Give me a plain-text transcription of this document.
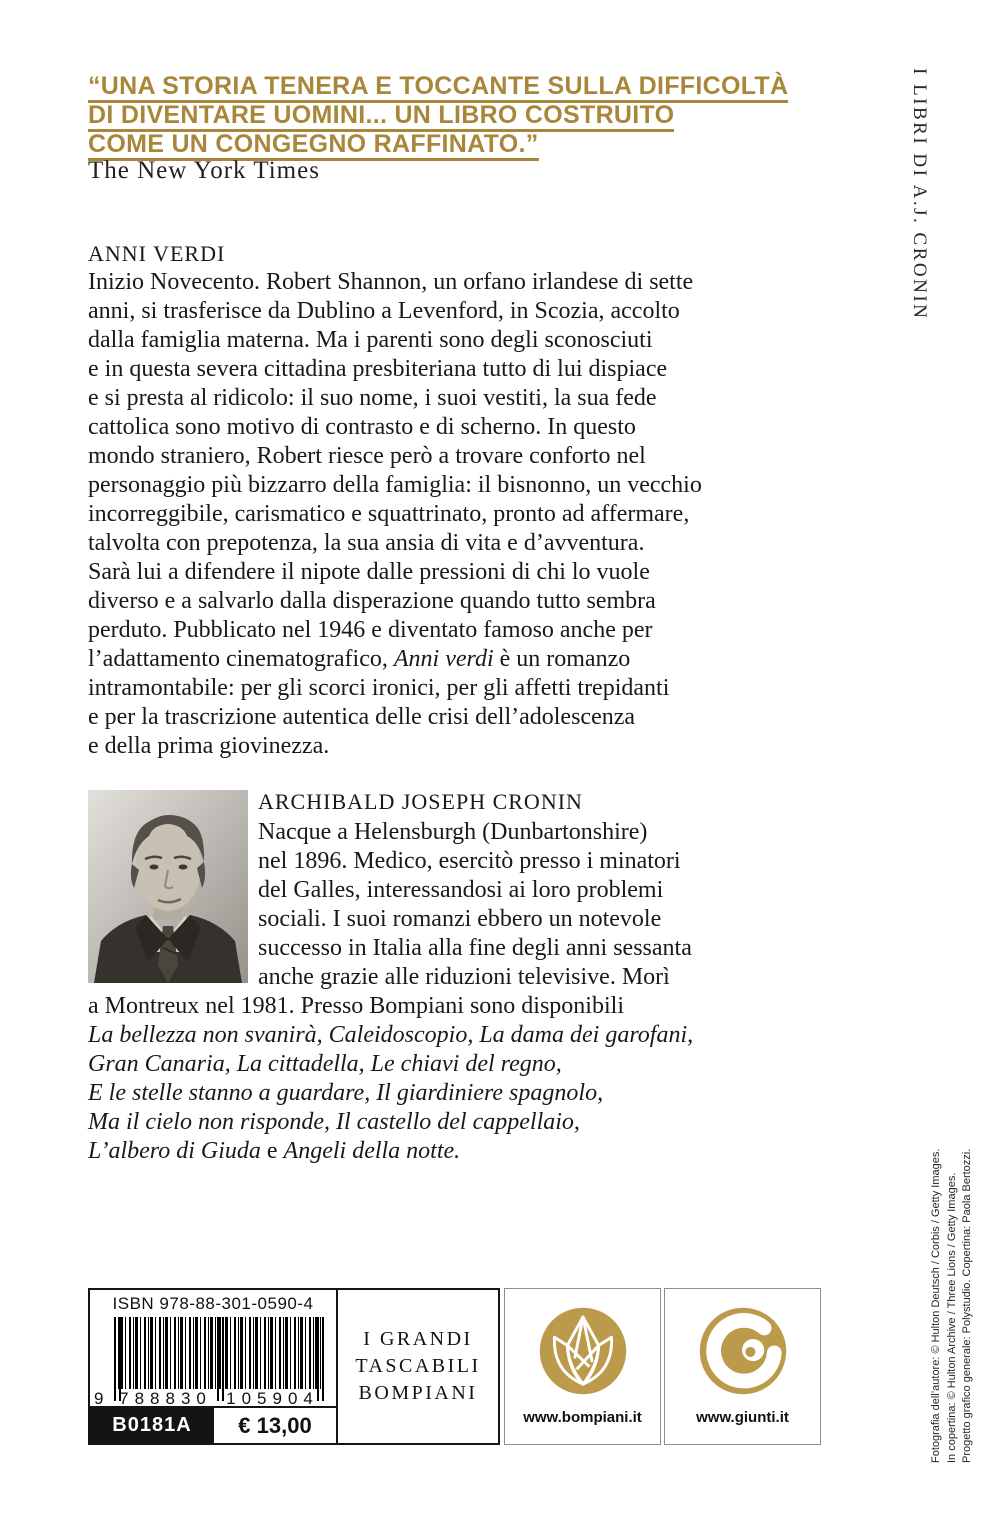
“UNA STORIA TENERA E TOCCANTE SULLA DIFFICOLTÀ
DI DIVENTARE UOMINI... UN LIBRO COSTRUITO
COME UN CONGEGNO RAFFINATO.”
The New York Times	I LIBRI DI A.J. CRONIN
ANNI VERDI
Inizio Novecento. Robert Shannon, un orfano irlandese di sette
anni, si trasferisce da Dublino a Levenford, in Scozia, accolto
dalla famiglia materna. Ma i parenti sono degli sconosciuti
e in questa severa cittadina presbiteriana tutto di lui dispiace
e si presta al ridicolo: il suo nome, i suoi vestiti, la sua fede
cattolica sono motivo di contrasto e di scherno. In questo
mondo straniero, Robert riesce però a trovare conforto nel
personaggio più bizzarro della famiglia: il bisnonno, un vecchio
incorreggibile, carismatico e squattrinato, pronto ad affermare,
talvolta con prepotenza, la sua ansia di vita e d’avventura.
Sarà lui a difendere il nipote dalle pressioni di chi lo vuole
diverso e a salvarlo dalla disperazione quando tutto sembra
perduto. Pubblicato nel 1946 e diventato famoso anche per
l’adattamento cinematografico, Anni verdi è un romanzo
intramontabile: per gli scorci ironici, per gli affetti trepidanti
e per la trascrizione autentica delle crisi dell’adolescenza
e della prima giovinezza.
ARCHIBALD JOSEPH CRONIN
Nacque a Helensburgh (Dunbartonshire)
nel 1896. Medico, esercitò presso i minatori
del Galles, interessandosi ai loro problemi
sociali. I suoi romanzi ebbero un notevole
successo in Italia alla fine degli anni sessanta
anche grazie alle riduzioni televisive. Morì
a Montreux nel 1981. Presso Bompiani sono disponibili
La bellezza non svanirà, Caleidoscopio, La dama dei garofani,
Gran Canaria, La cittadella, Le chiavi del regno,
E le stelle stanno a guardare, Il giardiniere spagnolo,
Ma il cielo non risponde, Il castello del cappellaio,
L’albero di Giuda e Angeli della notte.	Fotografia dell’autore: © Hulton Deutsch / Corbis / Getty Images. In copertina: © Hulton Archive / Three Lions / Getty Images. Progetto grafico generale: Polystudio. Copertina: Paola Bertozzi.
ISBN 978-88-301-0590-4
9 788830 105904
B0181A	€ 13,00
I GRANDI
TASCABILI
BOMPIANI
www.bompiani.it	www.giunti.it
